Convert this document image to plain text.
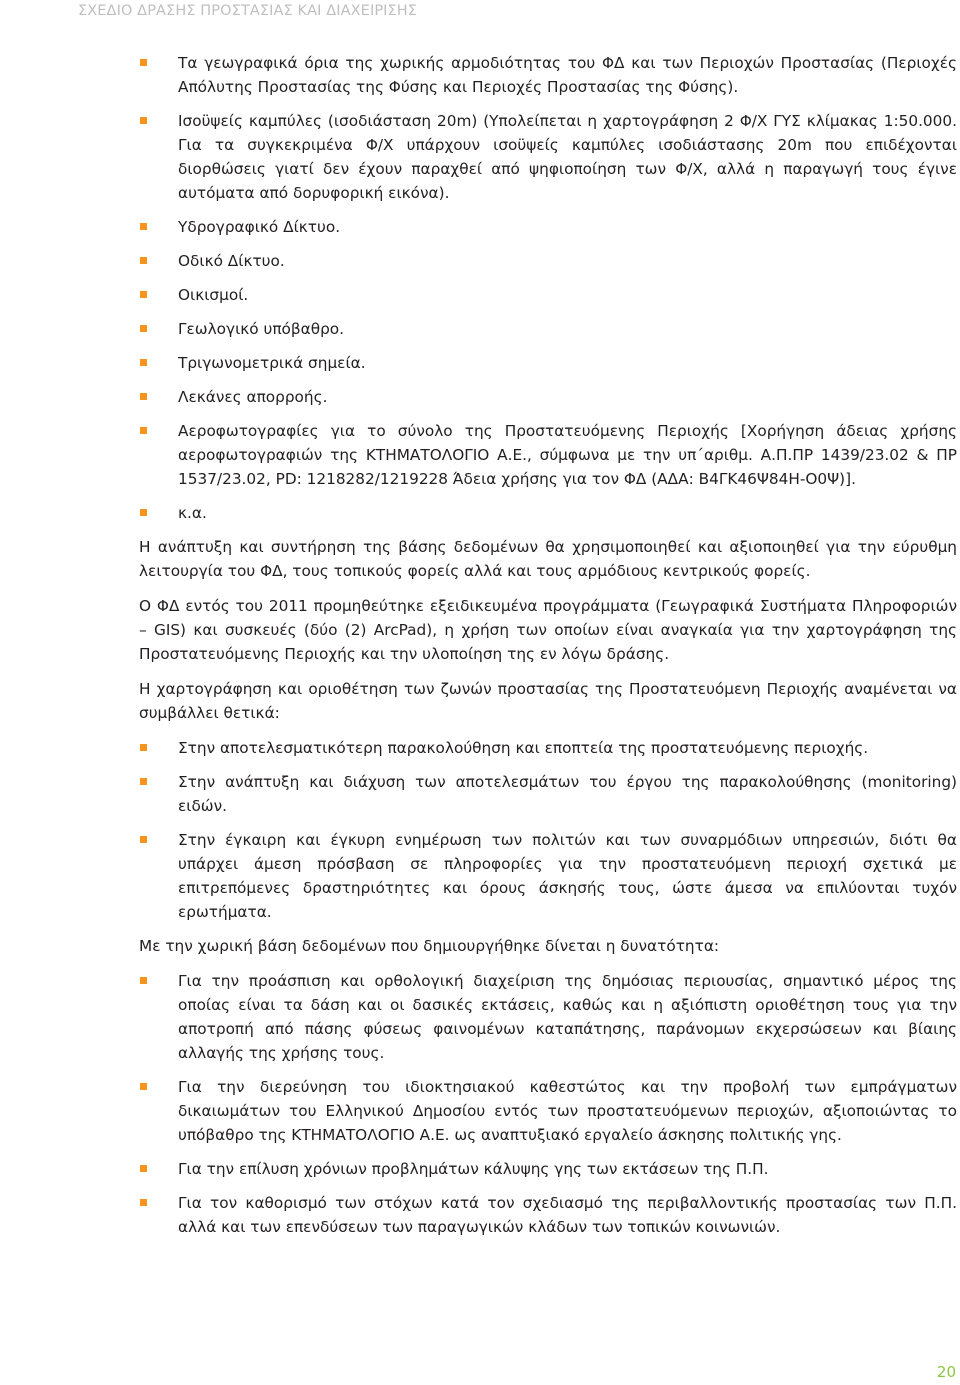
ΣΧΕΔΙΟ ΔΡΑΣΗΣ ΠΡΟΣΤΑΣΙΑΣ ΚΑΙ ΔΙΑΧΕΙΡΙΣΗΣ
Τα γεωγραφικά όρια της χωρικής αρμοδιότητας του ΦΔ και των Περιοχών Προστασίας (Περιοχές Απόλυτης Προστασίας της Φύσης και Περιοχές Προστασίας της Φύσης).
Ισοϋψείς καμπύλες (ισοδιάσταση 20m) (Υπολείπεται η χαρτογράφηση 2 Φ/Χ ΓΥΣ κλίμακας 1:50.000. Για τα συγκεκριμένα Φ/Χ υπάρχουν ισοϋψείς καμπύλες ισοδιάστασης 20m που επιδέχονται διορθώσεις γιατί δεν έχουν παραχθεί από ψηφιοποίηση των Φ/Χ, αλλά η παραγωγή τους έγινε αυτόματα από δορυφορική εικόνα).
Υδρογραφικό Δίκτυο.
Οδικό Δίκτυο.
Οικισμοί.
Γεωλογικό υπόβαθρο.
Τριγωνομετρικά σημεία.
Λεκάνες απορροής.
Αεροφωτογραφίες για το σύνολο της Προστατευόμενης Περιοχής [Χορήγηση άδειας χρήσης αεροφωτογραφιών της ΚΤΗΜΑΤΟΛΟΓΙΟ Α.Ε., σύμφωνα με την υπ΄αριθμ. Α.Π.ΠΡ 1439/23.02 & ΠΡ 1537/23.02, PD: 1218282/1219228 Άδεια χρήσης για τον ΦΔ (ΑΔΑ: Β4ΓΚ46Ψ84Η-Ο0Ψ)].
κ.α.

Η ανάπτυξη και συντήρηση της βάσης δεδομένων θα χρησιμοποιηθεί και αξιοποιηθεί για την εύρυθμη λειτουργία του ΦΔ, τους τοπικούς φορείς αλλά και τους αρμόδιους κεντρικούς φορείς.

Ο ΦΔ εντός του 2011 προμηθεύτηκε εξειδικευμένα προγράμματα (Γεωγραφικά Συστήματα Πληροφοριών – GIS) και συσκευές (δύο (2) ArcPad), η χρήση των οποίων είναι αναγκαία για την χαρτογράφηση της Προστατευόμενης Περιοχής και την υλοποίηση της εν λόγω δράσης.

Η χαρτογράφηση και οριοθέτηση των ζωνών προστασίας της Προστατευόμενη Περιοχής αναμένεται να συμβάλλει θετικά:

Στην αποτελεσματικότερη παρακολούθηση και εποπτεία της προστατευόμενης περιοχής.
Στην ανάπτυξη και διάχυση των αποτελεσμάτων του έργου της παρακολούθησης (monitoring) ειδών.
Στην έγκαιρη και έγκυρη ενημέρωση των πολιτών και των συναρμόδιων υπηρεσιών, διότι θα υπάρχει άμεση πρόσβαση σε πληροφορίες για την προστατευόμενη περιοχή σχετικά με επιτρεπόμενες δραστηριότητες και όρους άσκησής τους, ώστε άμεσα να επιλύονται τυχόν ερωτήματα.

Με την χωρική βάση δεδομένων που δημιουργήθηκε δίνεται η δυνατότητα:

Για την προάσπιση και ορθολογική διαχείριση της δημόσιας περιουσίας, σημαντικό μέρος της οποίας είναι τα δάση και οι δασικές εκτάσεις, καθώς και η αξιόπιστη οριοθέτηση τους για την αποτροπή από πάσης φύσεως φαινομένων καταπάτησης, παράνομων εκχερσώσεων και βίαιης αλλαγής της χρήσης τους.
Για την διερεύνηση του ιδιοκτησιακού καθεστώτος και την προβολή των εμπράγματων δικαιωμάτων του Ελληνικού Δημοσίου εντός των προστατευόμενων περιοχών, αξιοποιώντας το υπόβαθρο της ΚΤΗΜΑΤΟΛΟΓΙΟ Α.Ε. ως αναπτυξιακό εργαλείο άσκησης πολιτικής γης.
Για την επίλυση χρόνιων προβλημάτων κάλυψης γης των εκτάσεων της Π.Π.
Για τον καθορισμό των στόχων κατά τον σχεδιασμό της περιβαλλοντικής προστασίας των Π.Π. αλλά και των επενδύσεων των παραγωγικών κλάδων των τοπικών κοινωνιών.
20
